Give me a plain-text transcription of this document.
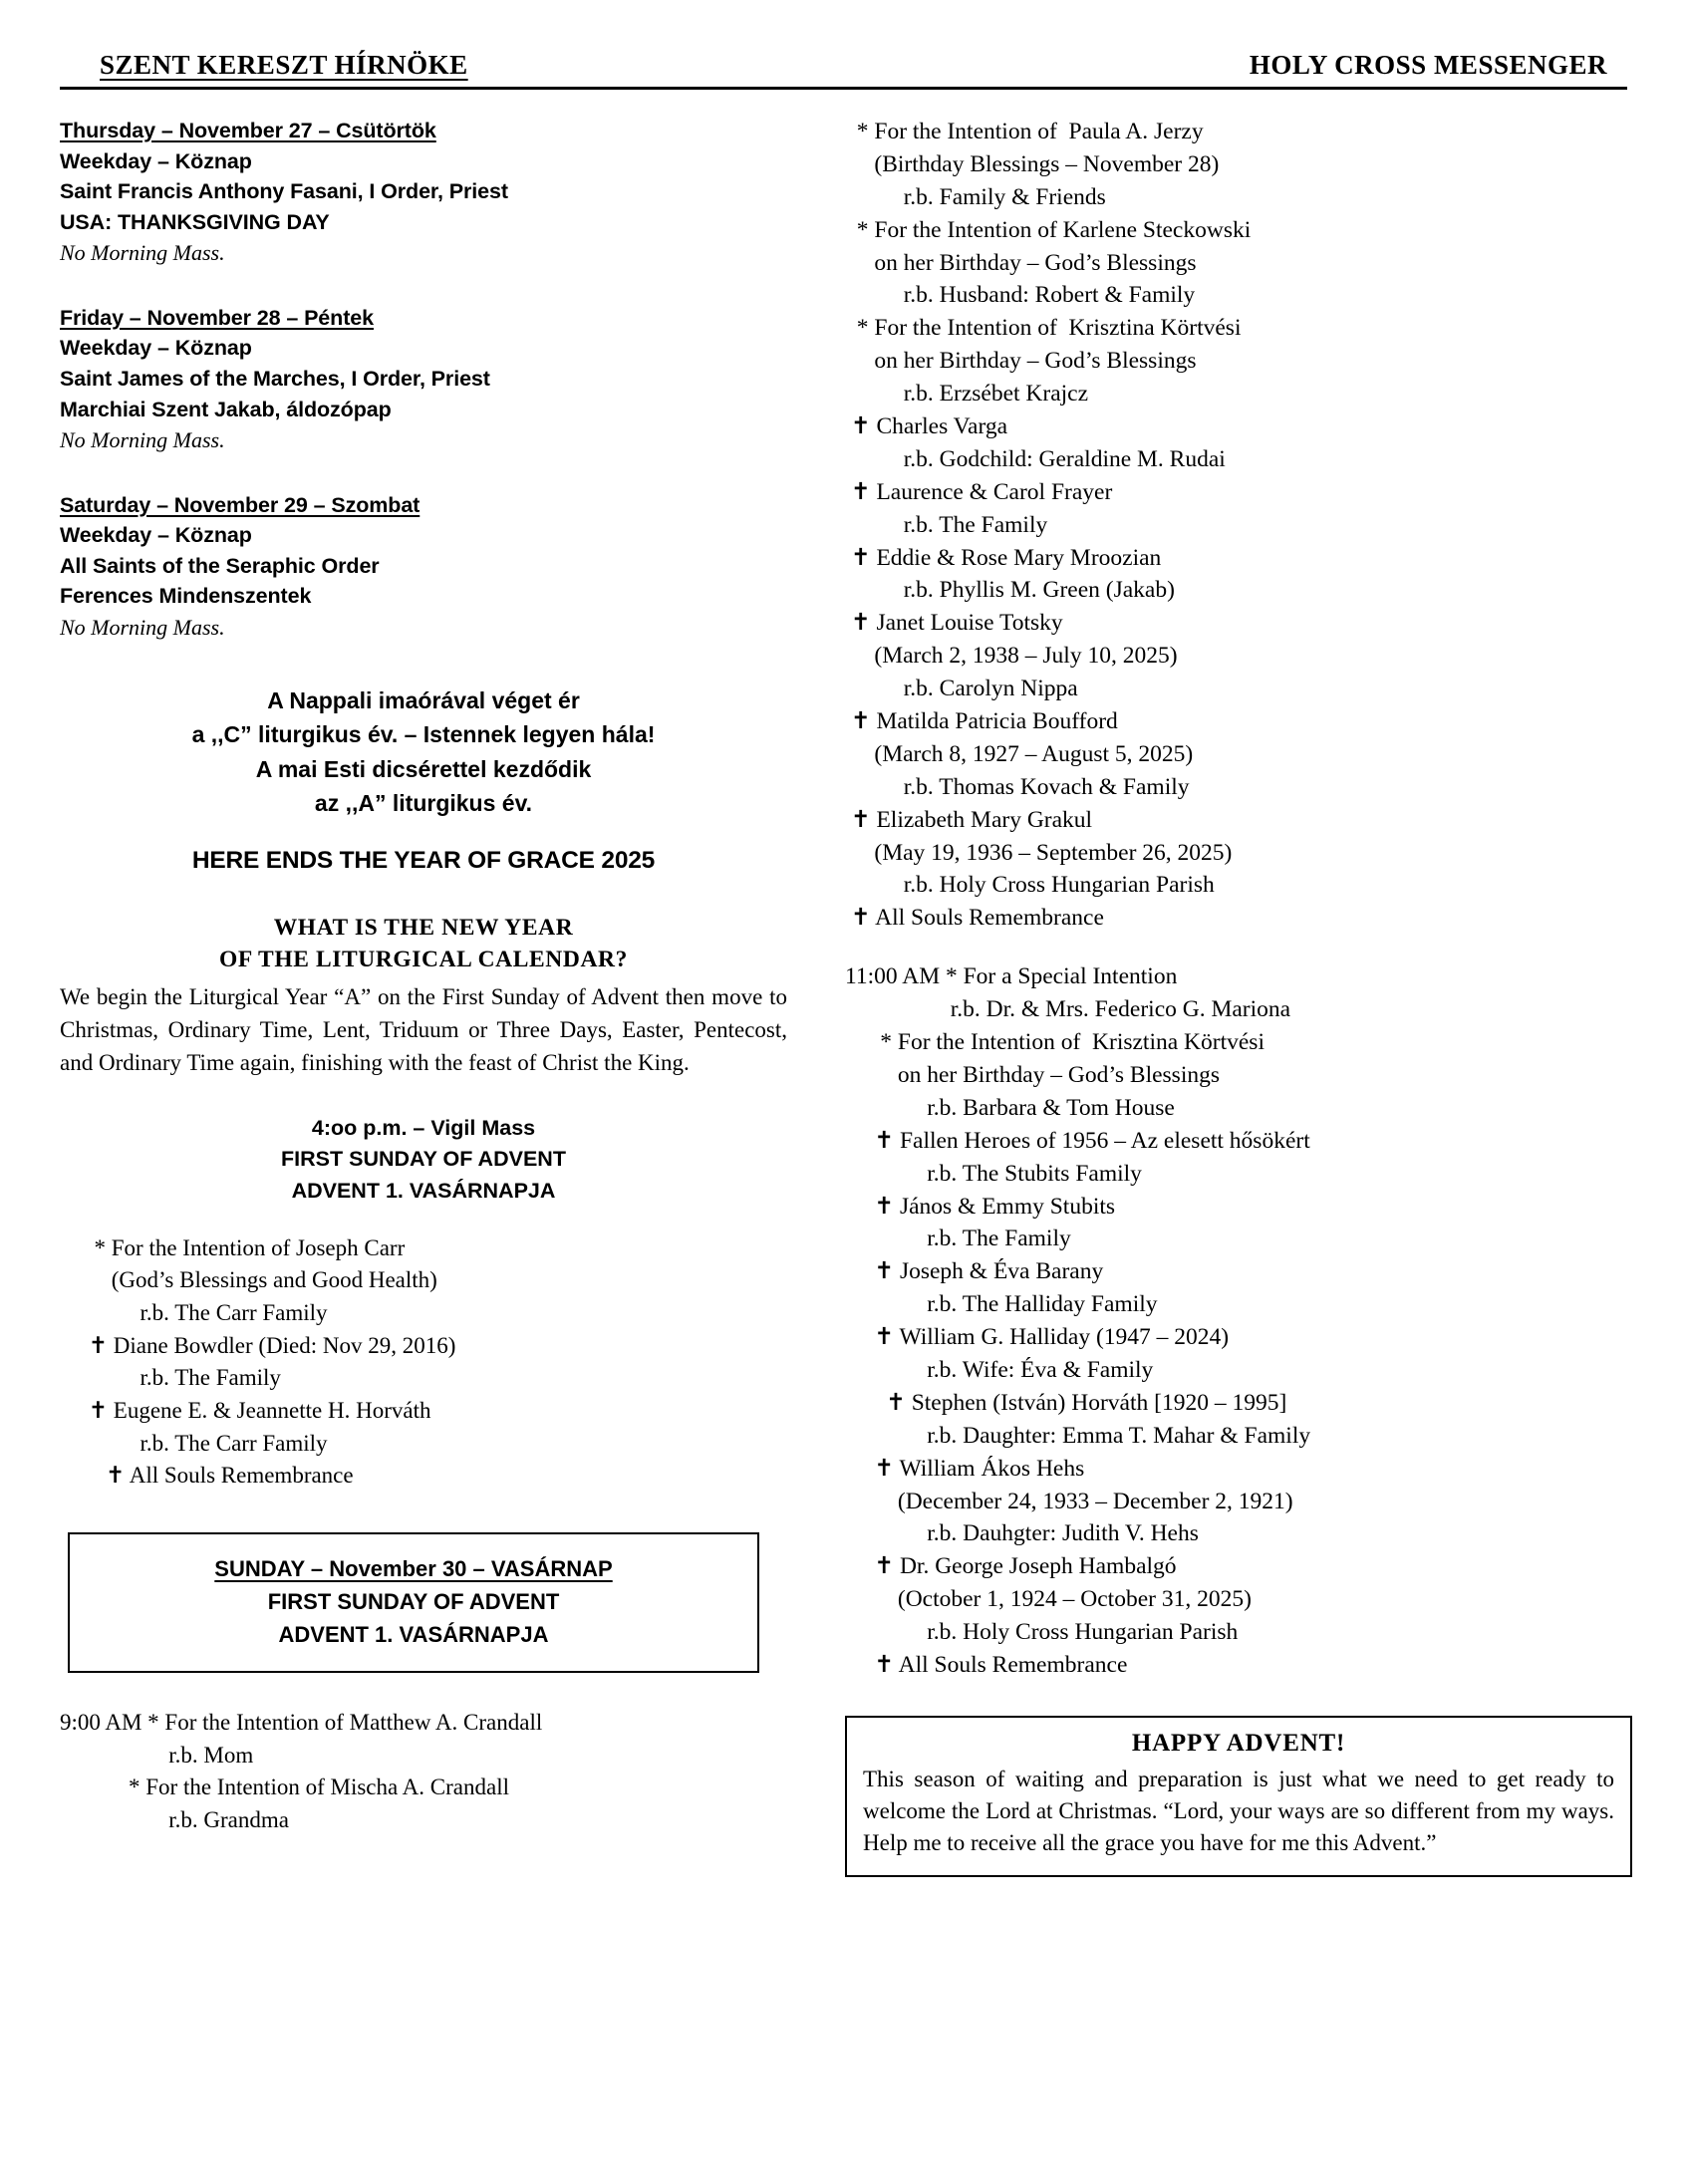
SZENT KERESZT HÍRNÖKE	HOLY CROSS MESSENGER
Thursday – November 27 – Csütörtök
Weekday – Köznap
Saint Francis Anthony Fasani, I Order, Priest
USA: THANKSGIVING DAY
No Morning Mass.
Friday – November 28 – Péntek
Weekday – Köznap
Saint James of the Marches, I Order, Priest
Marchiai Szent Jakab, áldozópap
No Morning Mass.
Saturday – November 29 – Szombat
Weekday – Köznap
All Saints of the Seraphic Order
Ferences Mindenszentek
No Morning Mass.
A Nappali imaórával véget ér
a ,,C” liturgikus év. – Istennek legyen hála!
A mai Esti dicsérettel kezdődik
az ,,A” liturgikus év.
HERE ENDS THE YEAR OF GRACE 2025
WHAT IS THE NEW YEAR
OF THE LITURGICAL CALENDAR?
We begin the Liturgical Year “A” on the First Sunday of Advent then move to Christmas, Ordinary Time, Lent, Triduum or Three Days, Easter, Pentecost, and Ordinary Time again, finishing with the feast of Christ the King.
4:oo p.m. – Vigil Mass
FIRST SUNDAY OF ADVENT
ADVENT 1. VASÁRNAPJA
* For the Intention of Joseph Carr
(God’s Blessings and Good Health)
r.b. The Carr Family
✝ Diane Bowdler (Died: Nov 29, 2016)
r.b. The Family
✝ Eugene E. & Jeannette H. Horváth
r.b. The Carr Family
✝ All Souls Remembrance
SUNDAY – November 30 – VASÁRNAP
FIRST SUNDAY OF ADVENT
ADVENT 1. VASÁRNAPJA
9:00 AM * For the Intention of Matthew A. Crandall
r.b. Mom
* For the Intention of Mischa A. Crandall
r.b. Grandma
* For the Intention of  Paula A. Jerzy
(Birthday Blessings – November 28)
r.b. Family & Friends
* For the Intention of Karlene Steckowski
on her Birthday – God’s Blessings
r.b. Husband: Robert & Family
* For the Intention of  Krisztina Körtvési
on her Birthday – God’s Blessings
r.b. Erzsébet Krajcz
✝ Charles Varga
r.b. Godchild: Geraldine M. Rudai
✝ Laurence & Carol Frayer
r.b. The Family
✝ Eddie & Rose Mary Mroozian
r.b. Phyllis M. Green (Jakab)
✝ Janet Louise Totsky
(March 2, 1938 – July 10, 2025)
r.b. Carolyn Nippa
✝ Matilda Patricia Boufford
(March 8, 1927 – August 5, 2025)
r.b. Thomas Kovach & Family
✝ Elizabeth Mary Grakul
(May 19, 1936 – September 26, 2025)
r.b. Holy Cross Hungarian Parish
✝ All Souls Remembrance
11:00 AM * For a Special Intention
r.b. Dr. & Mrs. Federico G. Mariona
* For the Intention of  Krisztina Körtvési
on her Birthday – God’s Blessings
r.b. Barbara & Tom House
✝ Fallen Heroes of 1956 – Az elesett hősökért
r.b. The Stubits Family
✝ János & Emmy Stubits
r.b. The Family
✝ Joseph & Éva Barany
r.b. The Halliday Family
✝ William G. Halliday (1947 – 2024)
r.b. Wife: Éva & Family
✝ Stephen (István) Horváth [1920 – 1995]
r.b. Daughter: Emma T. Mahar & Family
✝ William Ákos Hehs
(December 24, 1933 – December 2, 1921)
r.b. Dauhgter: Judith V. Hehs
✝ Dr. George Joseph Hambalgó
(October 1, 1924 – October 31, 2025)
r.b. Holy Cross Hungarian Parish
✝ All Souls Remembrance
HAPPY ADVENT!
This season of waiting and preparation is just what we need to get ready to welcome the Lord at Christmas. “Lord, your ways are so different from my ways. Help me to receive all the grace you have for me this Advent.”
